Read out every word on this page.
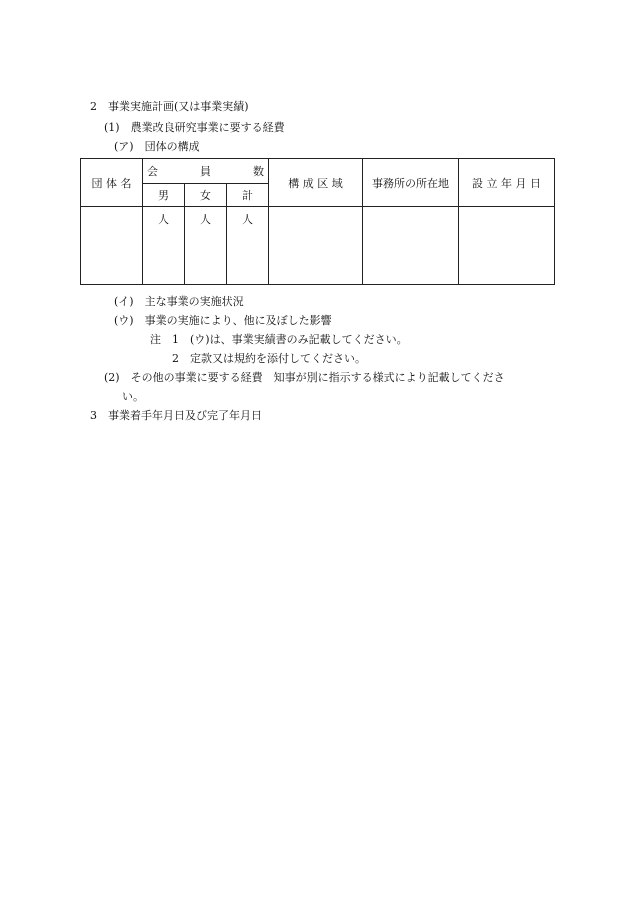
2　事業実施計画(又は事業実績)
(1)　農業改良研究事業に要する経費
(ア)　団体の構成
団 体 名	会 員 数			構 成 区 域	事務所の所在地	設 立 年 月 日
	男	女	計			
	人	人	人			
(イ)　主な事業の実施状況
(ウ)　事業の実施により、他に及ぼした影響
注　1　(ウ)は、事業実績書のみ記載してください。
2　定款又は規約を添付してください。
(2)　その他の事業に要する経費　知事が別に指示する様式により記載してくださ
い。
3　事業着手年月日及び完了年月日
